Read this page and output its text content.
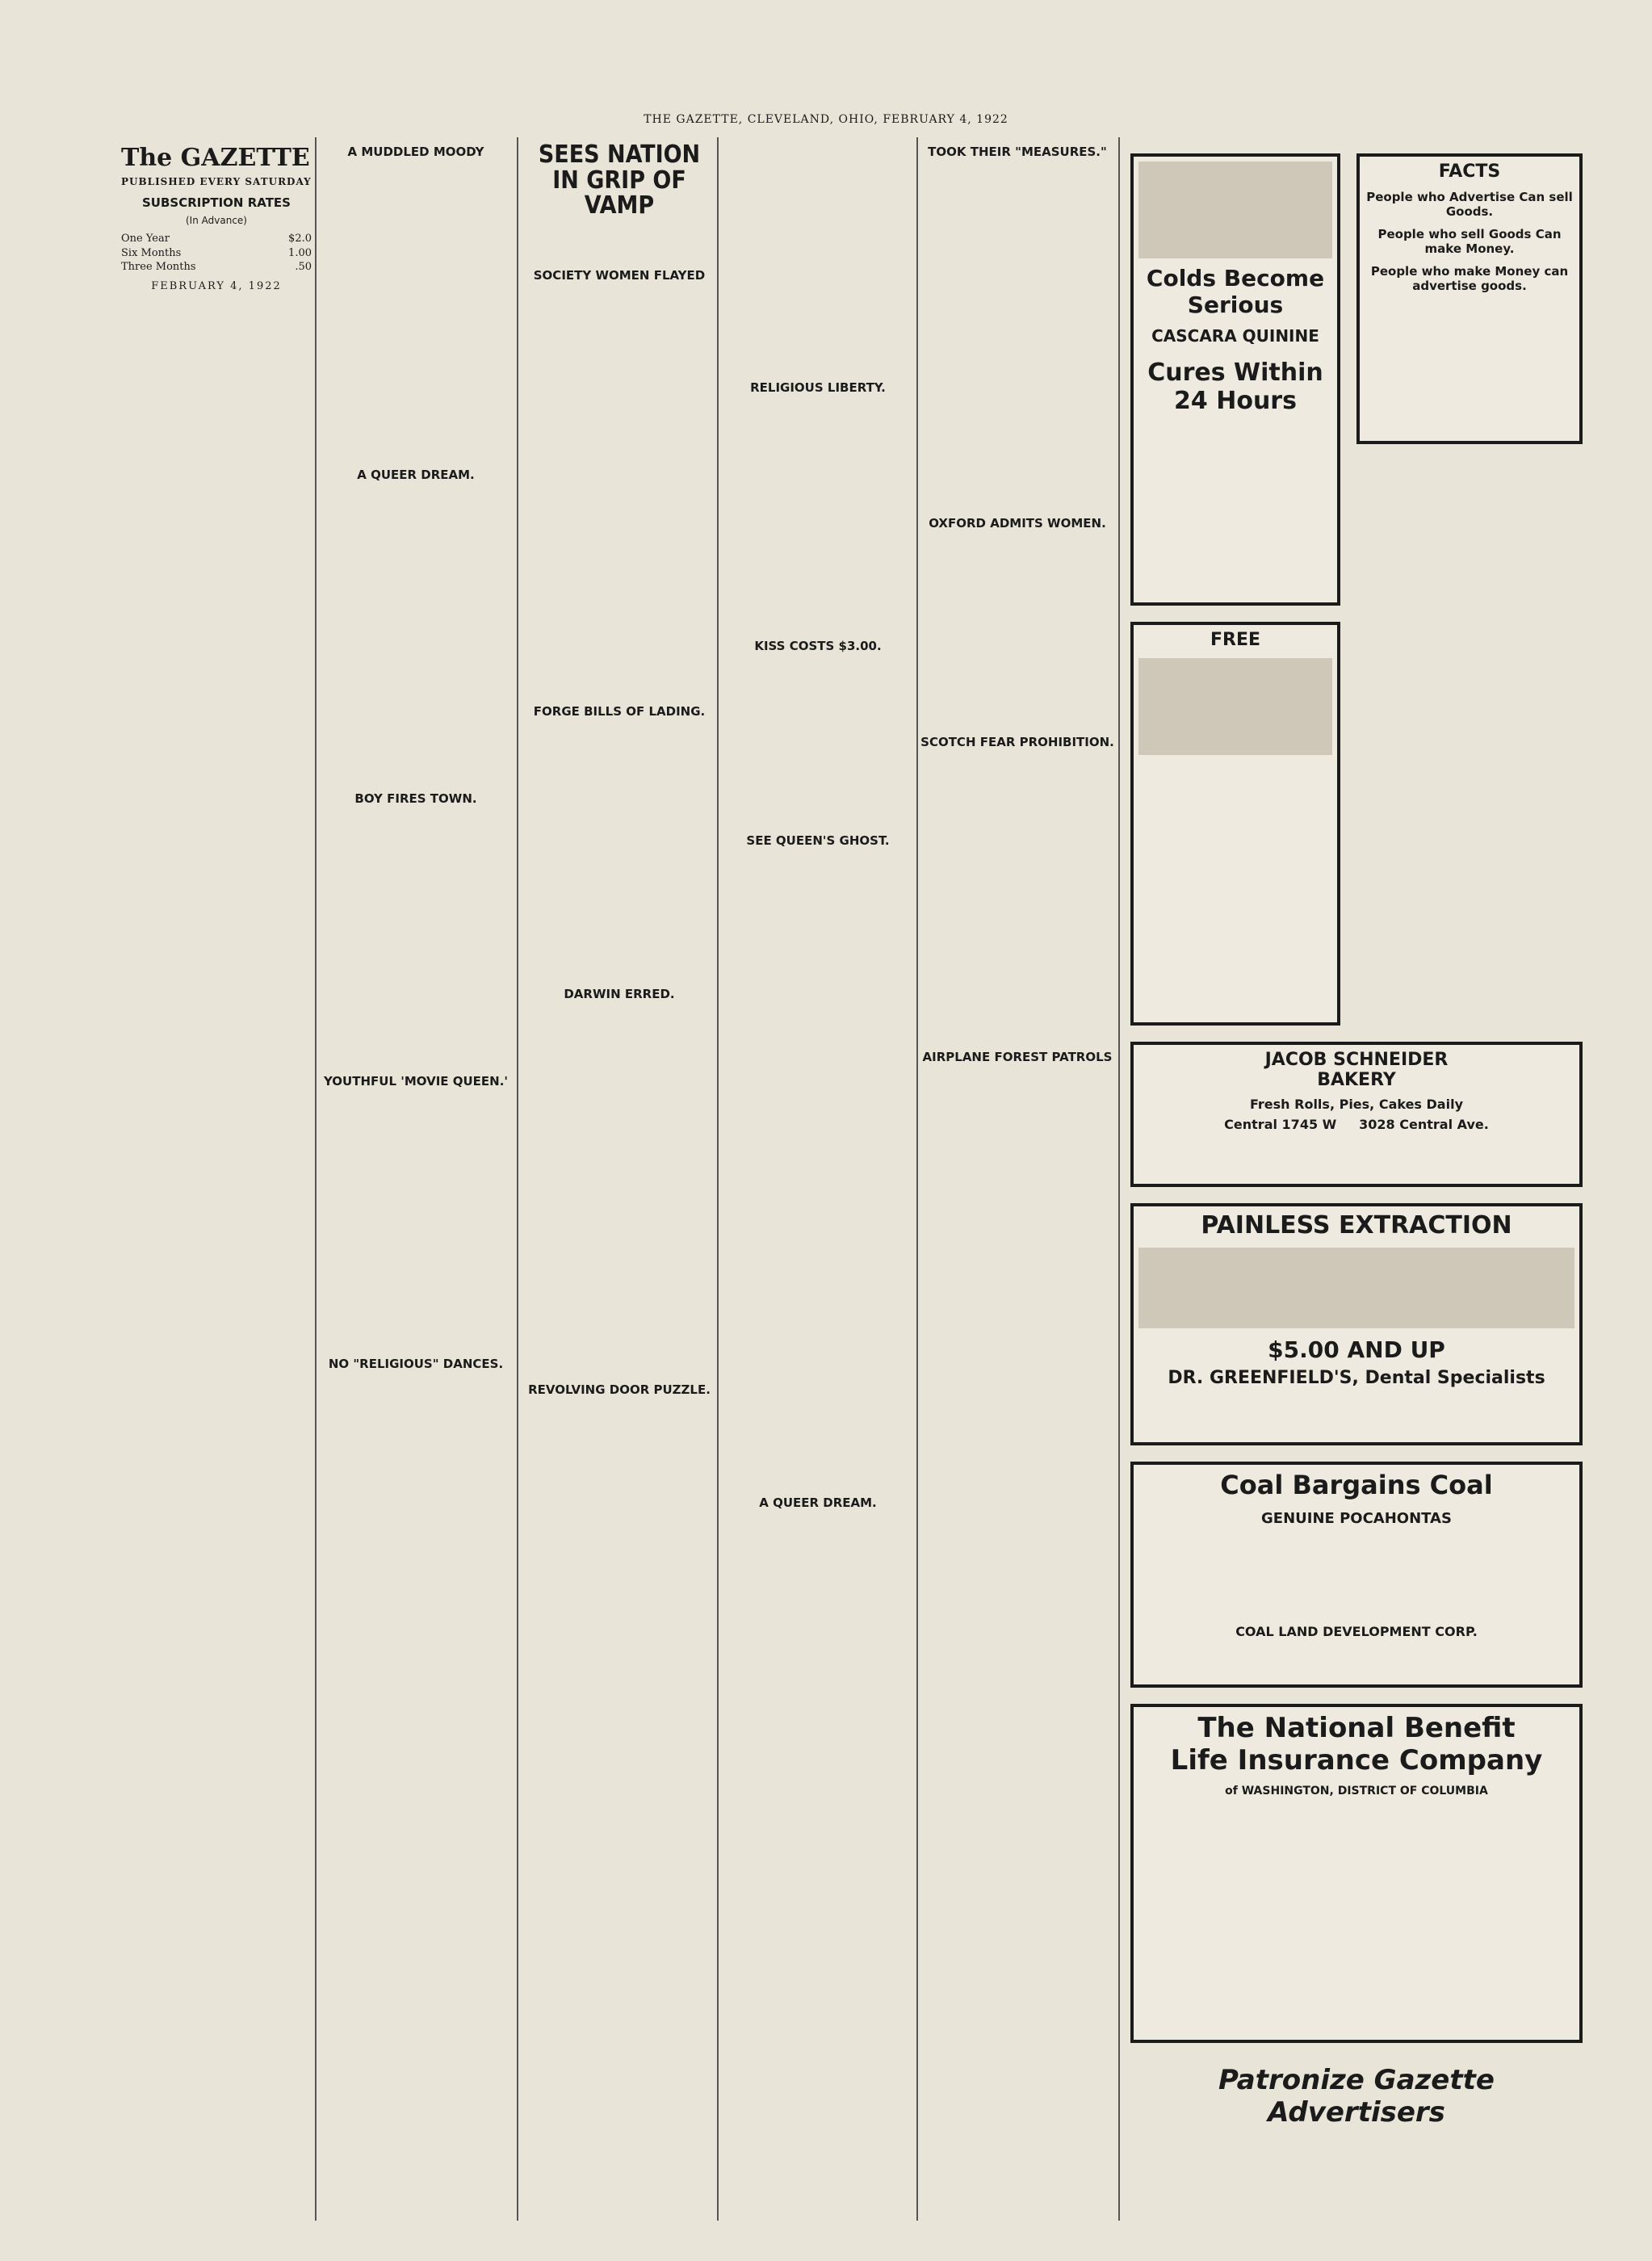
THE GAZETTE, CLEVELAND, OHIO, FEBRUARY 4, 1922
The GAZETTE
PUBLISHED EVERY SATURDAY
SUBSCRIPTION RATES
(In Advance)
One Year	$2.0
Six Months	1.00
Three Months	.50
FEBRUARY 4, 1922
A MUDDLED MOODY
A QUEER DREAM.
BOY FIRES TOWN.
YOUTHFUL 'MOVIE QUEEN.'
NO "RELIGIOUS" DANCES.
SEES NATION IN GRIP OF VAMP
SOCIETY WOMEN FLAYED
FORGE BILLS OF LADING.
DARWIN ERRED.
REVOLVING DOOR PUZZLE.
RELIGIOUS LIBERTY.
KISS COSTS $3.00.
SEE QUEEN'S GHOST.
A QUEER DREAM.
TOOK THEIR "MEASURES."
OXFORD ADMITS WOMEN.
SCOTCH FEAR PROHIBITION.
AIRPLANE FOREST PATROLS
Colds Become Serious
CASCARA QUININE
Cures Within 24 Hours
FACTS
People who Advertise Can sell Goods.
People who sell Goods Can make Money.
People who make Money can advertise goods.
FREE
JACOB SCHNEIDER
BAKERY
Fresh Rolls, Pies, Cakes Daily
Central 1745 W 3028 Central Ave.
PAINLESS EXTRACTION
$5.00 AND UP
DR. GREENFIELD'S, Dental Specialists
Coal Bargains Coal
GENUINE POCAHONTAS
COAL LAND DEVELOPMENT CORP.
The National Benefit
Life Insurance Company
of WASHINGTON, DISTRICT OF COLUMBIA
Patronize Gazette
Advertisers
